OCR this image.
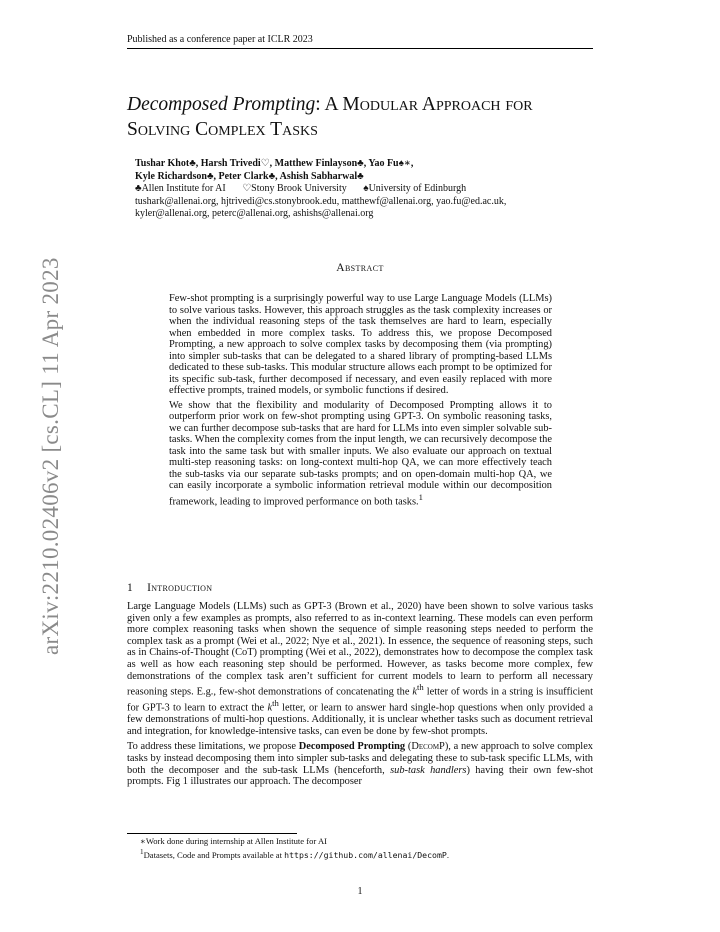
Published as a conference paper at ICLR 2023
arXiv:2210.02406v2 [cs.CL] 11 Apr 2023
Decomposed Prompting: A Modular Approach for
Solving Complex Tasks
Tushar Khot♣, Harsh Trivedi♡, Matthew Finlayson♣, Yao Fu♠∗,
Kyle Richardson♣, Peter Clark♣, Ashish Sabharwal♣
♣Allen Institute for AI ♡Stony Brook University ♠University of Edinburgh
tushark@allenai.org, hjtrivedi@cs.stonybrook.edu, matthewf@allenai.org, yao.fu@ed.ac.uk,
kyler@allenai.org, peterc@allenai.org, ashishs@allenai.org
Abstract

Few-shot prompting is a surprisingly powerful way to use Large Language Models (LLMs) to solve various tasks. However, this approach struggles as the task complexity increases or when the individual reasoning steps of the task themselves are hard to learn, especially when embedded in more complex tasks. To address this, we propose Decomposed Prompting, a new approach to solve complex tasks by decomposing them (via prompting) into simpler sub-tasks that can be delegated to a shared library of prompting-based LLMs dedicated to these sub-tasks. This modular structure allows each prompt to be optimized for its specific sub-task, further decomposed if necessary, and even easily replaced with more effective prompts, trained models, or symbolic functions if desired.

We show that the flexibility and modularity of Decomposed Prompting allows it to outperform prior work on few-shot prompting using GPT-3. On symbolic reasoning tasks, we can further decompose sub-tasks that are hard for LLMs into even simpler solvable sub-tasks. When the complexity comes from the input length, we can recursively decompose the task into the same task but with smaller inputs. We also evaluate our approach on textual multi-step reasoning tasks: on long-context multi-hop QA, we can more effectively teach the sub-tasks via our separate sub-tasks prompts; and on open-domain multi-hop QA, we can easily incorporate a symbolic information retrieval module within our decomposition framework, leading to improved performance on both tasks.$^1$

1 Introduction

Large Language Models (LLMs) such as GPT-3 (Brown et al., 2020) have been shown to solve various tasks given only a few examples as prompts, also referred to as in-context learning. These models can even perform more complex reasoning tasks when shown the sequence of simple reasoning steps needed to perform the complex task as a prompt (Wei et al., 2022; Nye et al., 2021). In essence, the sequence of reasoning steps, such as in Chains-of-Thought (CoT) prompting (Wei et al., 2022), demonstrates how to decompose the complex task as well as how each reasoning step should be performed. However, as tasks become more complex, few demonstrations of the complex task aren’t sufficient for current models to learn to perform all necessary reasoning steps. E.g., few-shot demonstrations of concatenating the $k^{th}$ letter of words in a string is insufficient for GPT-3 to learn to extract the $k^{th}$ letter, or learn to answer hard single-hop questions when only provided a few demonstrations of multi-hop questions. Additionally, it is unclear whether tasks such as document retrieval and integration, for knowledge-intensive tasks, can even be done by few-shot prompts.

To address these limitations, we propose Decomposed Prompting (DecomP), a new approach to solve complex tasks by instead decomposing them into simpler sub-tasks and delegating these to sub-task specific LLMs, with both the decomposer and the sub-task LLMs (henceforth, sub-task handlers) having their own few-shot prompts. Fig 1 illustrates our approach. The decomposer

∗Work done during internship at Allen Institute for AI
$^1$Datasets, Code and Prompts available at https://github.com/allenai/DecomP.
1
